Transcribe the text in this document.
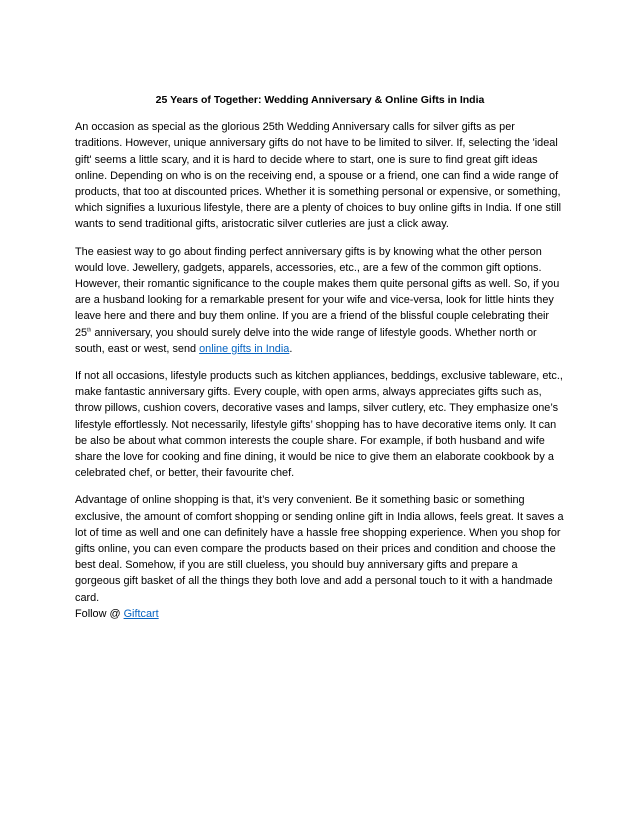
25 Years of Together: Wedding Anniversary & Online Gifts in India

An occasion as special as the glorious 25th Wedding Anniversary calls for silver gifts as per traditions. However, unique anniversary gifts do not have to be limited to silver. If, selecting the 'ideal gift' seems a little scary, and it is hard to decide where to start, one is sure to find great gift ideas online. Depending on who is on the receiving end, a spouse or a friend, one can find a wide range of products, that too at discounted prices. Whether it is something personal or expensive, or something, which signifies a luxurious lifestyle, there are a plenty of choices to buy online gifts in India. If one still wants to send traditional gifts, aristocratic silver cutleries are just a click away.

The easiest way to go about finding perfect anniversary gifts is by knowing what the other person would love. Jewellery, gadgets, apparels, accessories, etc., are a few of the common gift options. However, their romantic significance to the couple makes them quite personal gifts as well. So, if you are a husband looking for a remarkable present for your wife and vice-versa, look for little hints they leave here and there and buy them online. If you are a friend of the blissful couple celebrating their 25th anniversary, you should surely delve into the wide range of lifestyle goods. Whether north or south, east or west, send online gifts in India.

If not all occasions, lifestyle products such as kitchen appliances, beddings, exclusive tableware, etc., make fantastic anniversary gifts. Every couple, with open arms, always appreciates gifts such as, throw pillows, cushion covers, decorative vases and lamps, silver cutlery, etc. They emphasize one’s lifestyle effortlessly. Not necessarily, lifestyle gifts’ shopping has to have decorative items only. It can be also be about what common interests the couple share. For example, if both husband and wife share the love for cooking and fine dining, it would be nice to give them an elaborate cookbook by a celebrated chef, or better, their favourite chef.

Advantage of online shopping is that, it’s very convenient. Be it something basic or something exclusive, the amount of comfort shopping or sending online gift in India allows, feels great. It saves a lot of time as well and one can definitely have a hassle free shopping experience. When you shop for gifts online, you can even compare the products based on their prices and condition and choose the best deal. Somehow, if you are still clueless, you should buy anniversary gifts and prepare a gorgeous gift basket of all the things they both love and add a personal touch to it with a handmade card.
Follow @ Giftcart
